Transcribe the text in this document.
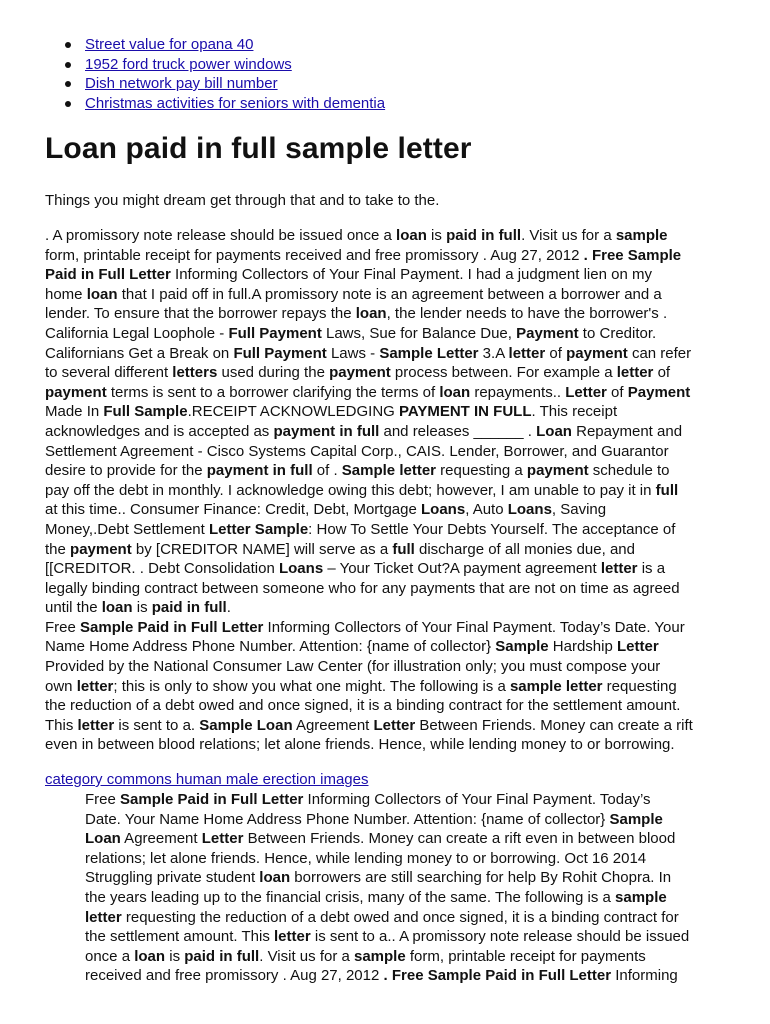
Street value for opana 40
1952 ford truck power windows
Dish network pay bill number
Christmas activities for seniors with dementia
Loan paid in full sample letter

Things you might dream get through that and to take to the.

. A promissory note release should be issued once a loan is paid in full. Visit us for a sample
form, printable receipt for payments received and free promissory . Aug 27, 2012 . Free Sample
Paid in Full Letter Informing Collectors of Your Final Payment. I had a judgment lien on my
home loan that I paid off in full.A promissory note is an agreement between a borrower and a
lender. To ensure that the borrower repays the loan, the lender needs to have the borrower's .
California Legal Loophole - Full Payment Laws, Sue for Balance Due, Payment to Creditor.
Californians Get a Break on Full Payment Laws - Sample Letter 3.A letter of payment can refer
to several different letters used during the payment process between. For example a letter of
payment terms is sent to a borrower clarifying the terms of loan repayments.. Letter of Payment
Made In Full Sample.RECEIPT ACKNOWLEDGING PAYMENT IN FULL. This receipt
acknowledges and is accepted as payment in full and releases ______ . Loan Repayment and
Settlement Agreement - Cisco Systems Capital Corp., CAIS. Lender, Borrower, and Guarantor
desire to provide for the payment in full of . Sample letter requesting a payment schedule to
pay off the debt in monthly. I acknowledge owing this debt; however, I am unable to pay it in full
at this time.. Consumer Finance: Credit, Debt, Mortgage Loans, Auto Loans, Saving
Money,.Debt Settlement Letter Sample: How To Settle Your Debts Yourself. The acceptance of
the payment by [CREDITOR NAME] will serve as a full discharge of all monies due, and
[[CREDITOR. . Debt Consolidation Loans – Your Ticket Out?A payment agreement letter is a
legally binding contract between someone who for any payments that are not on time as agreed
until the loan is paid in full.
Free Sample Paid in Full Letter Informing Collectors of Your Final Payment. Today’s Date. Your
Name Home Address Phone Number. Attention: {name of collector} Sample Hardship Letter
Provided by the National Consumer Law Center (for illustration only; you must compose your
own letter; this is only to show you what one might. The following is a sample letter requesting
the reduction of a debt owed and once signed, it is a binding contract for the settlement amount.
This letter is sent to a. Sample Loan Agreement Letter Between Friends. Money can create a rift
even in between blood relations; let alone friends. Hence, while lending money to or borrowing.
category commons human male erection images
Free Sample Paid in Full Letter Informing Collectors of Your Final Payment. Today’s
Date. Your Name Home Address Phone Number. Attention: {name of collector} Sample
Loan Agreement Letter Between Friends. Money can create a rift even in between blood
relations; let alone friends. Hence, while lending money to or borrowing. Oct 16 2014
Struggling private student loan borrowers are still searching for help By Rohit Chopra. In
the years leading up to the financial crisis, many of the same. The following is a sample
letter requesting the reduction of a debt owed and once signed, it is a binding contract for
the settlement amount. This letter is sent to a.. A promissory note release should be issued
once a loan is paid in full. Visit us for a sample form, printable receipt for payments
received and free promissory . Aug 27, 2012 . Free Sample Paid in Full Letter Informing
